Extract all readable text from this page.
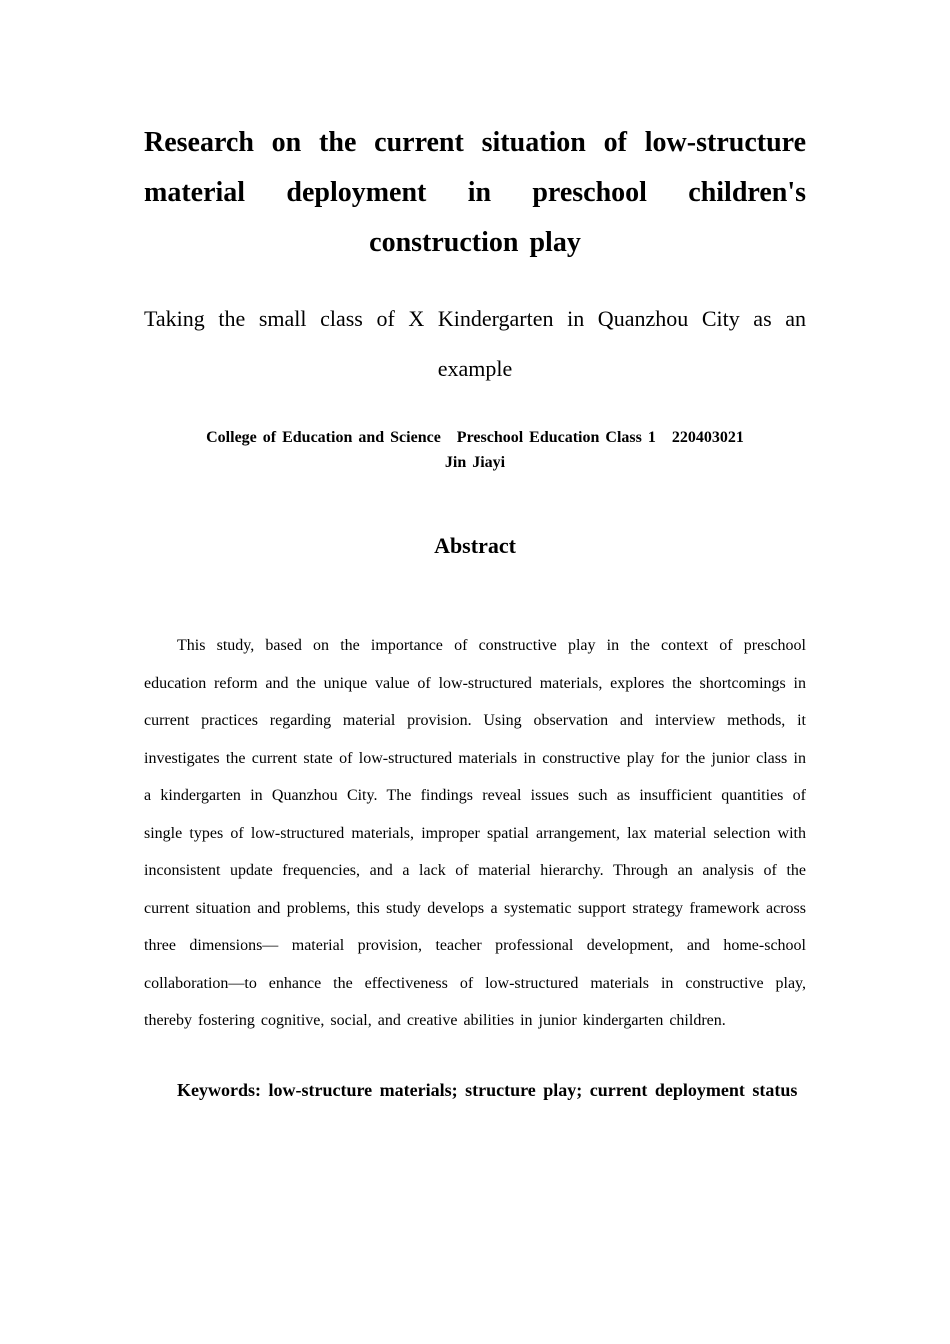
Research on the current situation of low-structure material deployment in preschool children's construction play

Taking the small class of X Kindergarten in Quanzhou City as an example

College of Education and Science Preschool Education Class 1 220403021
Jin Jiayi
Abstract

This study, based on the importance of constructive play in the context of preschool education reform and the unique value of low-structured materials, explores the shortcomings in current practices regarding material provision. Using observation and interview methods, it investigates the current state of low-structured materials in constructive play for the junior class in a kindergarten in Quanzhou City. The findings reveal issues such as insufficient quantities of single types of low-structured materials, improper spatial arrangement, lax material selection with inconsistent update frequencies, and a lack of material hierarchy. Through an analysis of the current situation and problems, this study develops a systematic support strategy framework across three dimensions— material provision, teacher professional development, and home-school collaboration—to enhance the effectiveness of low-structured materials in constructive play, thereby fostering cognitive, social, and creative abilities in junior kindergarten children.

Keywords: low-structure materials; structure play; current deployment status
